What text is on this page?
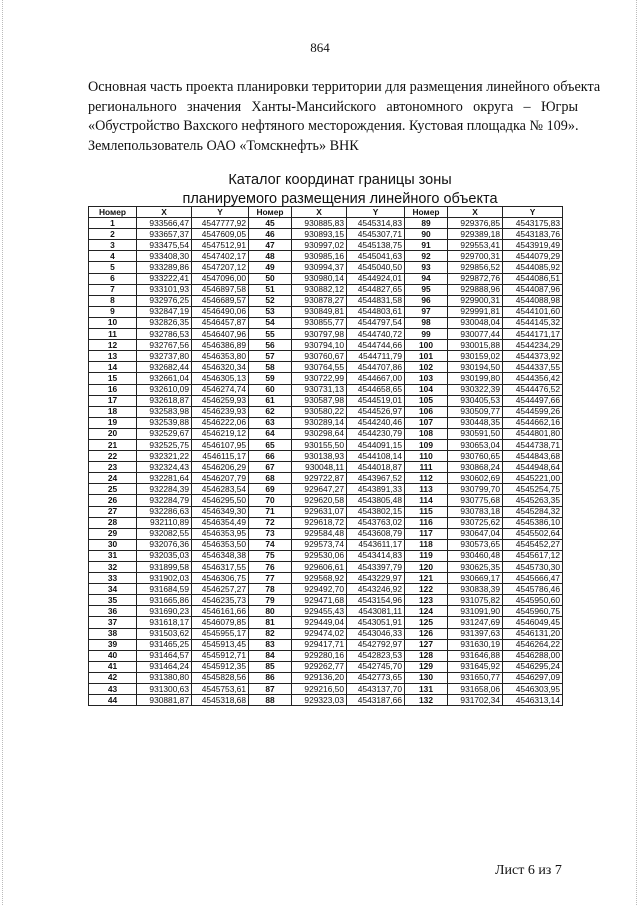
864
Основная часть проекта планировки территории для размещения линейного объекта
регионального значения Ханты-Мансийского автономного округа – Югры
«Обустройство Вахского нефтяного месторождения. Кустовая площадка № 109».
Землепользователь ОАО «Томскнефть» ВНК
Каталог координат границы зоны
планируемого размещения линейного объекта
Номер	X	Y	Номер	X	Y	Номер	X	Y
1	933566,47	4547777,92	45	930885,83	4545314,83	89	929376,85	4543175,83
2	933657,37	4547609,05	46	930893,15	4545307,71	90	929389,18	4543183,76
3	933475,54	4547512,91	47	930997,02	4545138,75	91	929553,41	4543919,49
4	933408,30	4547402,17	48	930985,16	4545041,63	92	929700,31	4544079,29
5	933289,86	4547207,12	49	930994,37	4545040,50	93	929856,52	4544085,92
6	933222,41	4547096,00	50	930980,14	4544924,01	94	929872,76	4544086,51
7	933101,93	4546897,58	51	930882,12	4544827,65	95	929888,96	4544087,96
8	932976,25	4546689,57	52	930878,27	4544831,58	96	929900,31	4544088,98
9	932847,19	4546490,06	53	930849,81	4544803,61	97	929991,81	4544101,60
10	932826,35	4546457,87	54	930855,77	4544797,54	98	930048,04	4544145,32
11	932786,53	4546407,96	55	930797,98	4544740,72	99	930077,44	4544171,17
12	932767,56	4546386,89	56	930794,10	4544744,66	100	930015,88	4544234,29
13	932737,80	4546353,80	57	930760,67	4544711,79	101	930159,02	4544373,92
14	932682,44	4546320,34	58	930764,55	4544707,86	102	930194,50	4544337,55
15	932661,04	4546305,13	59	930722,99	4544667,00	103	930199,80	4544356,42
16	932610,09	4546274,74	60	930731,13	4544658,65	104	930322,39	4544476,52
17	932618,87	4546259,93	61	930587,98	4544519,01	105	930405,53	4544497,66
18	932583,98	4546239,93	62	930580,22	4544526,97	106	930509,77	4544599,26
19	932539,88	4546222,06	63	930289,14	4544240,46	107	930448,35	4544662,16
20	932529,67	4546219,12	64	930298,64	4544230,79	108	930591,50	4544801,80
21	932525,75	4546107,95	65	930155,50	4544091,15	109	930653,04	4544738,71
22	932321,22	4546115,17	66	930138,93	4544108,14	110	930760,65	4544843,68
23	932324,43	4546206,29	67	930048,11	4544018,87	111	930868,24	4544948,64
24	932281,64	4546207,79	68	929722,87	4543967,52	112	930602,69	4545221,00
25	932284,39	4546283,54	69	929647,27	4543891,33	113	930799,70	4545254,75
26	932284,79	4546295,50	70	929620,58	4543805,48	114	930775,68	4545263,35
27	932286,63	4546349,30	71	929631,07	4543802,15	115	930783,18	4545284,32
28	932110,89	4546354,49	72	929618,72	4543763,02	116	930725,62	4545386,10
29	932082,55	4546353,95	73	929584,48	4543608,79	117	930647,04	4545502,64
30	932076,36	4546353,50	74	929573,74	4543611,17	118	930573,65	4545452,27
31	932035,03	4546348,38	75	929530,06	4543414,83	119	930460,48	4545617,12
32	931899,58	4546317,55	76	929606,61	4543397,79	120	930625,35	4545730,30
33	931902,03	4546306,75	77	929568,92	4543229,97	121	930669,17	4545666,47
34	931684,59	4546257,27	78	929492,70	4543246,92	122	930838,39	4545786,46
35	931665,86	4546235,73	79	929471,68	4543154,96	123	931075,82	4545950,60
36	931690,23	4546161,66	80	929455,43	4543081,11	124	931091,90	4545960,75
37	931618,17	4546079,85	81	929449,04	4543051,91	125	931247,69	4546049,45
38	931503,62	4545955,17	82	929474,02	4543046,33	126	931397,63	4546131,20
39	931465,25	4545913,45	83	929417,71	4542792,97	127	931630,19	4546264,22
40	931464,57	4545912,71	84	929280,16	4542823,53	128	931646,88	4546288,00
41	931464,24	4545912,35	85	929262,77	4542745,70	129	931645,92	4546295,24
42	931380,80	4545828,56	86	929136,20	4542773,65	130	931650,77	4546297,09
43	931300,63	4545753,61	87	929216,50	4543137,70	131	931658,06	4546303,95
44	930881,87	4545318,68	88	929323,03	4543187,66	132	931702,34	4546313,14
Лист 6 из 7
